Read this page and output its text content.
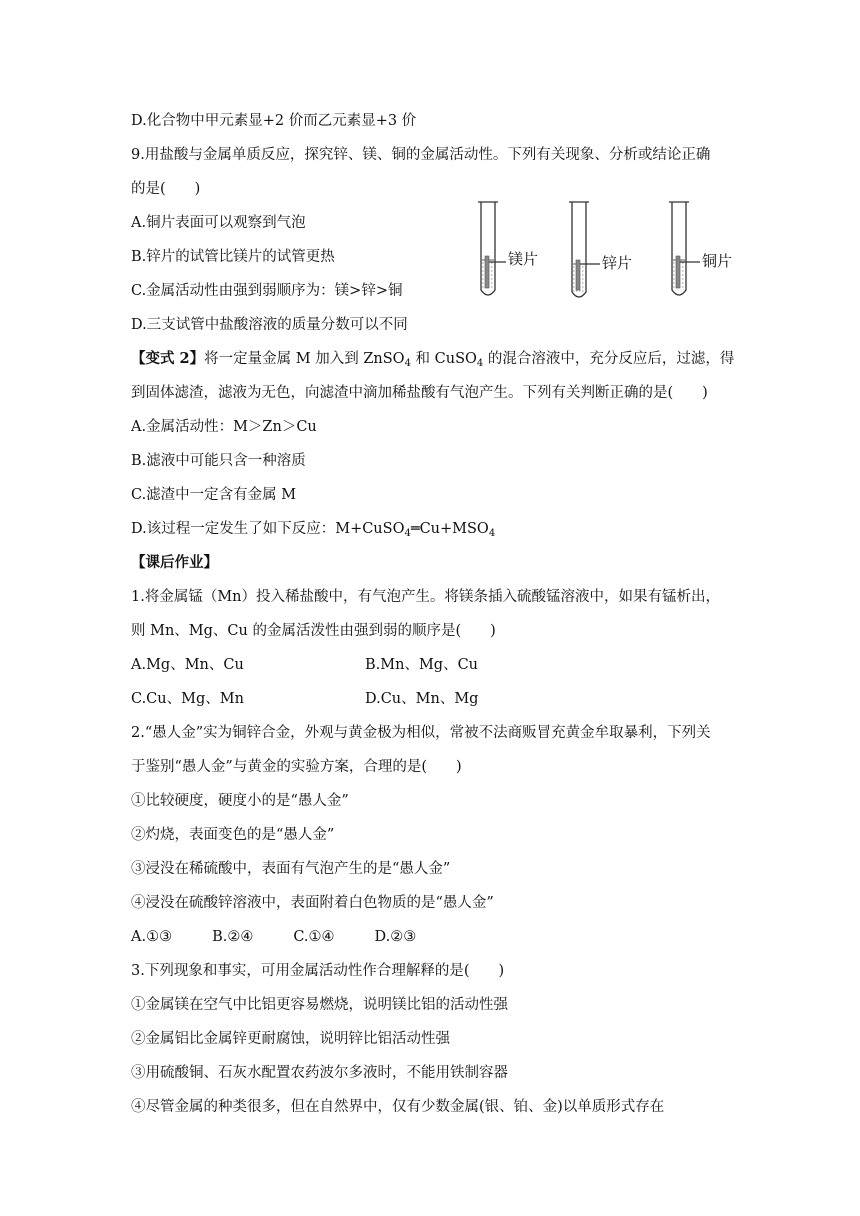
D.化合物中甲元素显+2 价而乙元素显+3 价
9.用盐酸与金属单质反应，探究锌、镁、铜的金属活动性。下列有关现象、分析或结论正确
的是(　　)
A.铜片表面可以观察到气泡
B.锌片的试管比镁片的试管更热
C.金属活动性由强到弱顺序为：镁>锌>铜
D.三支试管中盐酸溶液的质量分数可以不同
镁片	锌片	铜片
【变式 2】将一定量金属 M 加入到 ZnSO$_4$ 和 CuSO$_4$ 的混合溶液中，充分反应后，过滤，得
到固体滤渣，滤液为无色，向滤渣中滴加稀盐酸有气泡产生。下列有关判断正确的是(　　)
A.金属活动性：M＞Zn＞Cu
B.滤液中可能只含一种溶质
C.滤渣中一定含有金属 M
D.该过程一定发生了如下反应：$M+CuSO_4═Cu+MSO_4$
【课后作业】
1.将金属锰（Mn）投入稀盐酸中，有气泡产生。将镁条插入硫酸锰溶液中，如果有锰析出，
则 Mn、Mg、Cu 的金属活泼性由强到弱的顺序是(　　)
A.Mg、Mn、Cu	B.Mn、Mg、Cu
C.Cu、Mg、Mn	D.Cu、Mn、Mg
2.“愚人金”实为铜锌合金，外观与黄金极为相似，常被不法商贩冒充黄金牟取暴利，下列关
于鉴别“愚人金”与黄金的实验方案，合理的是(　　)
①比较硬度，硬度小的是“愚人金”
②灼烧，表面变色的是“愚人金”
③浸没在稀硫酸中，表面有气泡产生的是“愚人金”
④浸没在硫酸锌溶液中，表面附着白色物质的是“愚人金”
A.①③	B.②④	C.①④	D.②③
3.下列现象和事实，可用金属活动性作合理解释的是(　　)
①金属镁在空气中比铝更容易燃烧，说明镁比铝的活动性强
②金属铝比金属锌更耐腐蚀，说明锌比铝活动性强
③用硫酸铜、石灰水配置农药波尔多液时，不能用铁制容器
④尽管金属的种类很多，但在自然界中，仅有少数金属(银、铂、金)以单质形式存在
